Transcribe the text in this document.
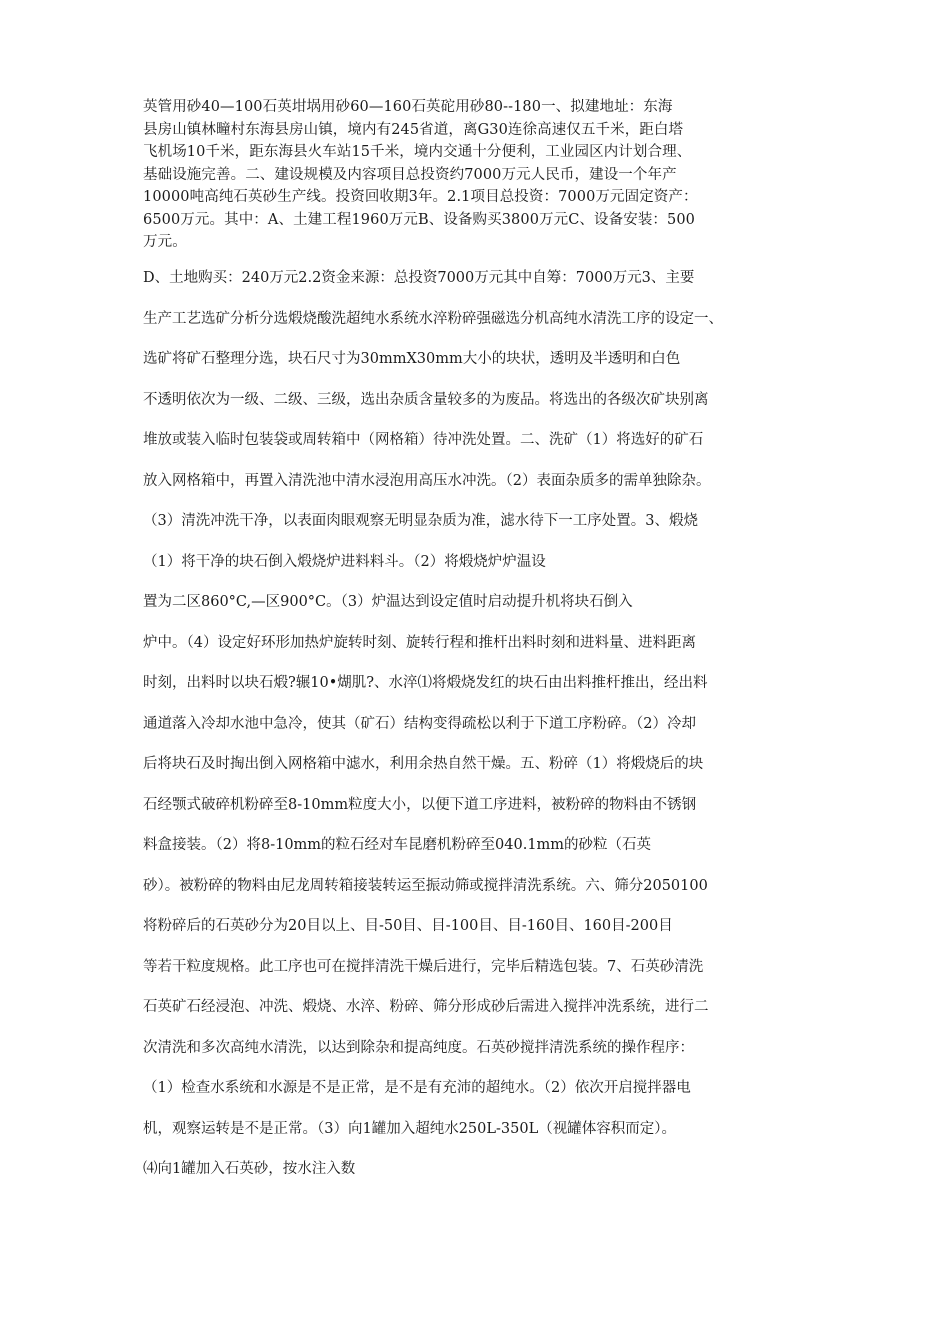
英管用砂40—100石英坩埚用砂60—160石英砣用砂80--180一、拟建地址：东海
县房山镇林疃村东海县房山镇，境内有245省道，离G30连徐高速仅五千米，距白塔
飞机场10千米，距东海县火车站15千米，境内交通十分便利，工业园区内计划合理、
基础设施完善。二、建设规模及内容项目总投资约7000万元人民币，建设一个年产
10000吨高纯石英砂生产线。投资回收期3年。2.1项目总投资：7000万元固定资产：
6500万元。其中：A、土建工程1960万元B、设备购买3800万元C、设备安装：500
万元。
D、土地购买：240万元2.2资金来源：总投资7000万元其中自筹：7000万元3、主要
生产工艺选矿分析分选煅烧酸洗超纯水系统水淬粉碎强磁选分机高纯水清洗工序的设定一、
选矿将矿石整理分选，块石尺寸为30mmX30mm大小的块状，透明及半透明和白色
不透明依次为一级、二级、三级，选出杂质含量较多的为废品。将选出的各级次矿块别离
堆放或装入临时包装袋或周转箱中（网格箱）待冲洗处置。二、洗矿（1）将选好的矿石
放入网格箱中，再置入清洗池中清水浸泡用高压水冲洗。（2）表面杂质多的需单独除杂。
（3）清洗冲洗干净，以表面肉眼观察无明显杂质为准，滤水待下一工序处置。3、煅烧
（1）将干净的块石倒入煅烧炉进料料斗。（2）将煅烧炉炉温设
置为二区860°C,—区900°C。（3）炉温达到设定值时启动提升机将块石倒入
炉中。（4）设定好环形加热炉旋转时刻、旋转行程和推杆出料时刻和进料量、进料距离
时刻，出料时以块石煅?辗10•煳肌?、水淬⑴将煅烧发红的块石由出料推杆推出，经出料
通道落入冷却水池中急冷，使其（矿石）结构变得疏松以利于下道工序粉碎。（2）冷却
后将块石及时掏出倒入网格箱中滤水，利用余热自然干燥。五、粉碎（1）将煅烧后的块
石经颚式破碎机粉碎至8-10mm粒度大小，以便下道工序进料，被粉碎的物料由不锈钢
料盒接装。（2）将8-10mm的粒石经对车昆磨机粉碎至040.1mm的砂粒（石英
砂）。被粉碎的物料由尼龙周转箱接装转运至振动筛或搅拌清洗系统。六、筛分2050100
将粉碎后的石英砂分为20目以上、目-50目、目-100目、目-160目、160目-200目
等若干粒度规格。此工序也可在搅拌清洗干燥后进行，完毕后精选包装。7、石英砂清洗
石英矿石经浸泡、冲洗、煅烧、水淬、粉碎、筛分形成砂后需进入搅拌冲洗系统，进行二
次清洗和多次高纯水清洗，以达到除杂和提高纯度。石英砂搅拌清洗系统的操作程序：
（1）检查水系统和水源是不是正常，是不是有充沛的超纯水。（2）依次开启搅拌器电
机，观察运转是不是正常。（3）向1罐加入超纯水250L-350L（视罐体容积而定）。
⑷向1罐加入石英砂，按水注入数
